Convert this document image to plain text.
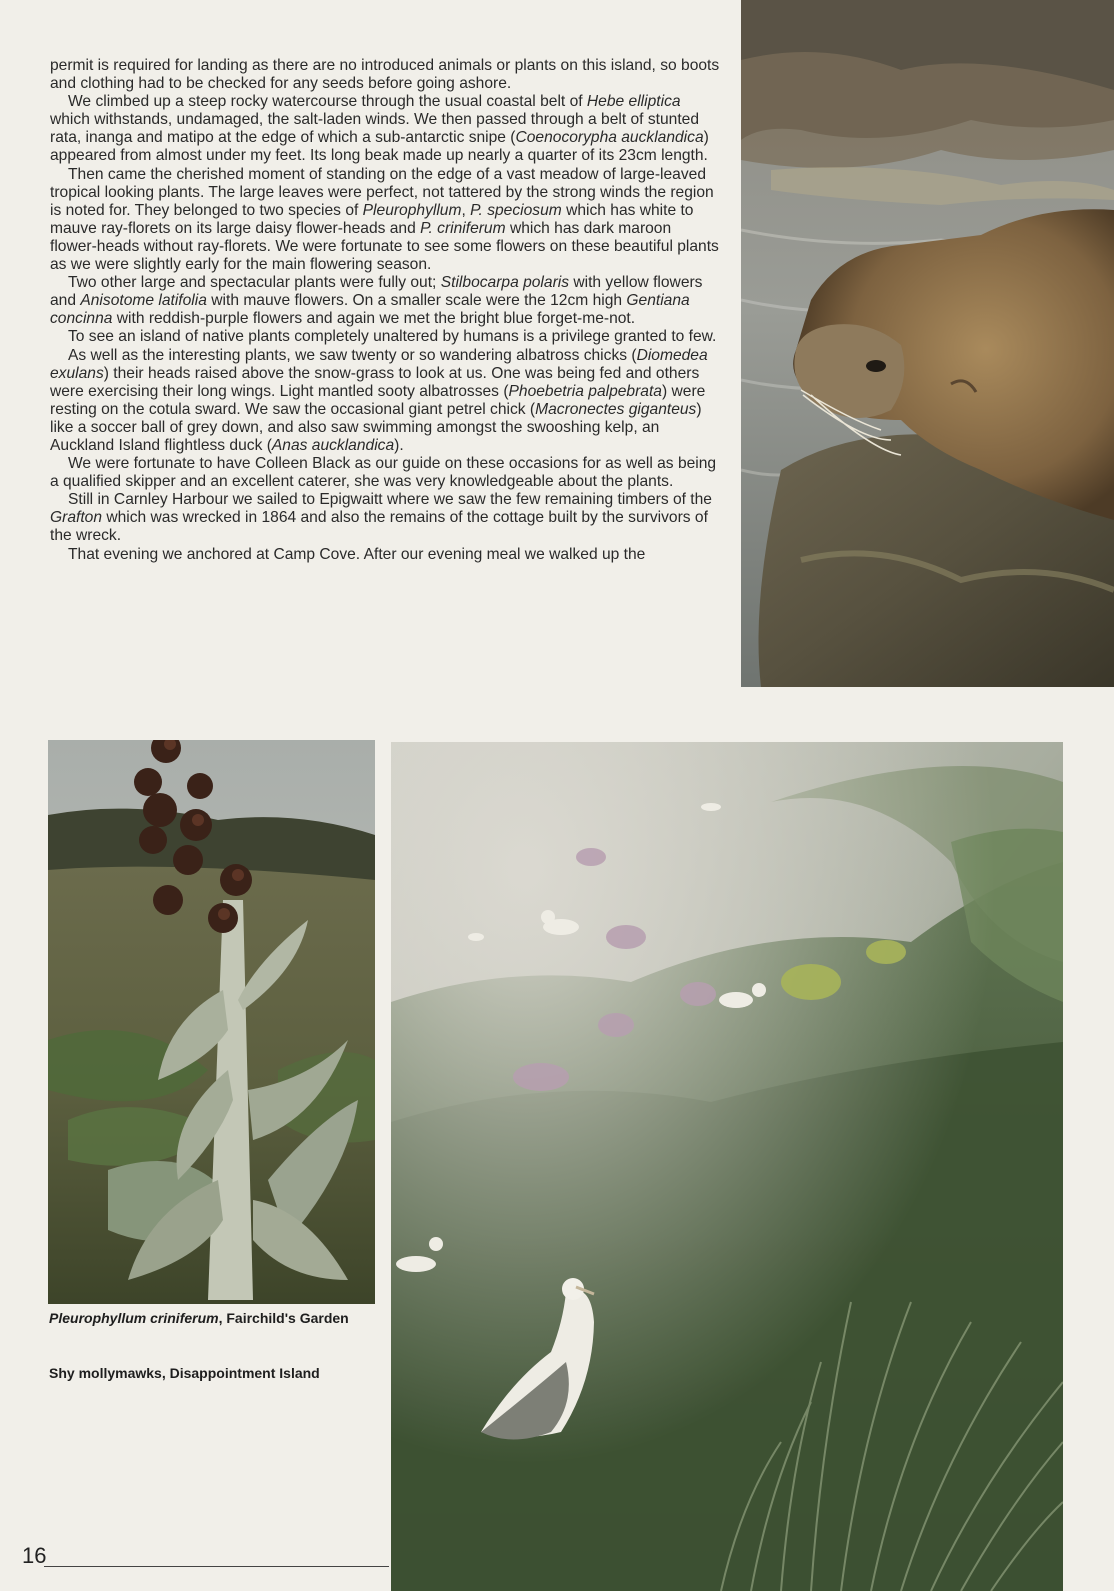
permit is required for landing as there are no introduced animals or plants on this island, so boots and clothing had to be checked for any seeds before going ashore.

We climbed up a steep rocky watercourse through the usual coastal belt of Hebe elliptica which withstands, undamaged, the salt-laden winds. We then passed through a belt of stunted rata, inanga and matipo at the edge of which a sub-antarctic snipe (Coenocorypha aucklandica) appeared from almost under my feet. Its long beak made up nearly a quarter of its 23cm length.

Then came the cherished moment of standing on the edge of a vast meadow of large-leaved tropical looking plants. The large leaves were perfect, not tattered by the strong winds the region is noted for. They belonged to two species of Pleurophyllum, P. speciosum which has white to mauve ray-florets on its large daisy flower-heads and P. criniferum which has dark maroon flower-heads without ray-florets. We were fortunate to see some flowers on these beautiful plants as we were slightly early for the main flowering season.

Two other large and spectacular plants were fully out; Stilbocarpa polaris with yellow flowers and Anisotome latifolia with mauve flowers. On a smaller scale were the 12cm high Gentiana concinna with reddish-purple flowers and again we met the bright blue forget-me-not.

To see an island of native plants completely unaltered by humans is a privilege granted to few.

As well as the interesting plants, we saw twenty or so wandering albatross chicks (Diomedea exulans) their heads raised above the snow-grass to look at us. One was being fed and others were exercising their long wings. Light mantled sooty albatrosses (Phoebetria palpebrata) were resting on the cotula sward. We saw the occasional giant petrel chick (Macronectes giganteus) like a soccer ball of grey down, and also saw swimming amongst the swooshing kelp, an Auckland Island flightless duck (Anas aucklandica).

We were fortunate to have Colleen Black as our guide on these occasions for as well as being a qualified skipper and an excellent caterer, she was very knowledgeable about the plants.

Still in Carnley Harbour we sailed to Epigwaitt where we saw the few remaining timbers of the Grafton which was wrecked in 1864 and also the remains of the cottage built by the survivors of the wreck.

That evening we anchored at Camp Cove. After our evening meal we walked up the

Pleurophyllum criniferum, Fairchild's Garden
Shy mollymawks, Disappointment Island
16
